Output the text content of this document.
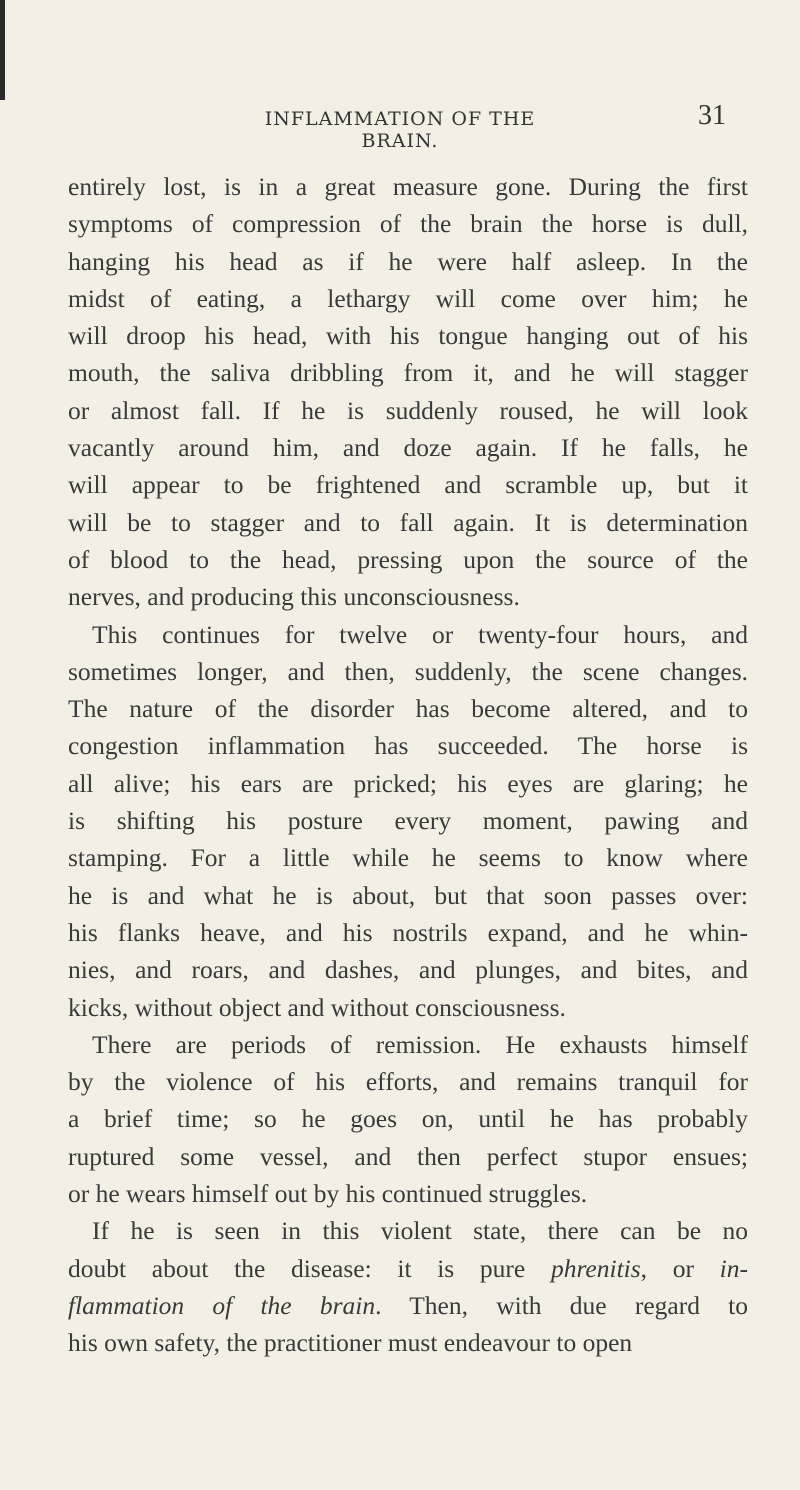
INFLAMMATION OF THE BRAIN.
31
entirely lost, is in a great measure gone. During the first
symptoms of compression of the brain the horse is dull,
hanging his head as if he were half asleep. In the
midst of eating, a lethargy will come over him; he
will droop his head, with his tongue hanging out of his
mouth, the saliva dribbling from it, and he will stagger
or almost fall. If he is suddenly roused, he will look
vacantly around him, and doze again. If he falls, he
will appear to be frightened and scramble up, but it
will be to stagger and to fall again. It is determination
of blood to the head, pressing upon the source of the
nerves, and producing this unconsciousness.
This continues for twelve or twenty-four hours, and
sometimes longer, and then, suddenly, the scene changes.
The nature of the disorder has become altered, and to
congestion inflammation has succeeded. The horse is
all alive; his ears are pricked; his eyes are glaring; he
is shifting his posture every moment, pawing and
stamping. For a little while he seems to know where
he is and what he is about, but that soon passes over:
his flanks heave, and his nostrils expand, and he whin-
nies, and roars, and dashes, and plunges, and bites, and
kicks, without object and without consciousness.
There are periods of remission. He exhausts himself
by the violence of his efforts, and remains tranquil for
a brief time; so he goes on, until he has probably
ruptured some vessel, and then perfect stupor ensues;
or he wears himself out by his continued struggles.
If he is seen in this violent state, there can be no
doubt about the disease: it is pure phrenitis, or in-
flammation of the brain. Then, with due regard to
his own safety, the practitioner must endeavour to open
